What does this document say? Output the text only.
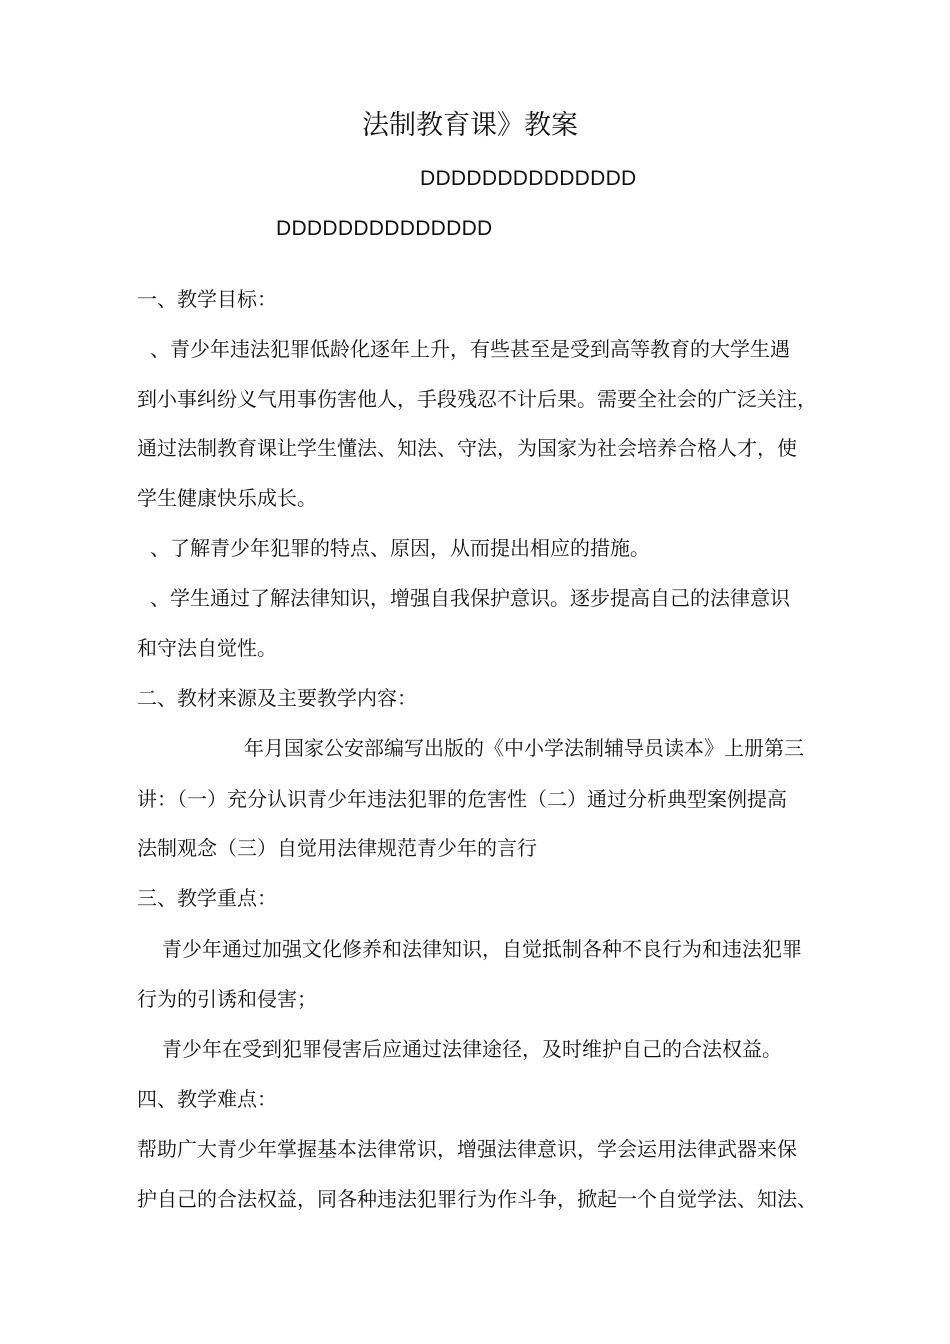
法制教育课》教案
DDDDDDDDDDDDDD
DDDDDDDDDDDDDD
一、教学目标：
、青少年违法犯罪低龄化逐年上升，有些甚至是受到高等教育的大学生遇
到小事纠纷义气用事伤害他人，手段残忍不计后果。需要全社会的广泛关注，
通过法制教育课让学生懂法、知法、守法，为国家为社会培养合格人才，使
学生健康快乐成长。
、了解青少年犯罪的特点、原因，从而提出相应的措施。
、学生通过了解法律知识，增强自我保护意识。逐步提高自己的法律意识
和守法自觉性。
二、教材来源及主要教学内容：
年月国家公安部编写出版的《中小学法制辅导员读本》上册第三
讲：（一）充分认识青少年违法犯罪的危害性（二）通过分析典型案例提高
法制观念（三）自觉用法律规范青少年的言行
三、教学重点：
青少年通过加强文化修养和法律知识，自觉抵制各种不良行为和违法犯罪
行为的引诱和侵害；
青少年在受到犯罪侵害后应通过法律途径，及时维护自己的合法权益。
四、教学难点：
帮助广大青少年掌握基本法律常识，增强法律意识，学会运用法律武器来保
护自己的合法权益，同各种违法犯罪行为作斗争，掀起一个自觉学法、知法、
